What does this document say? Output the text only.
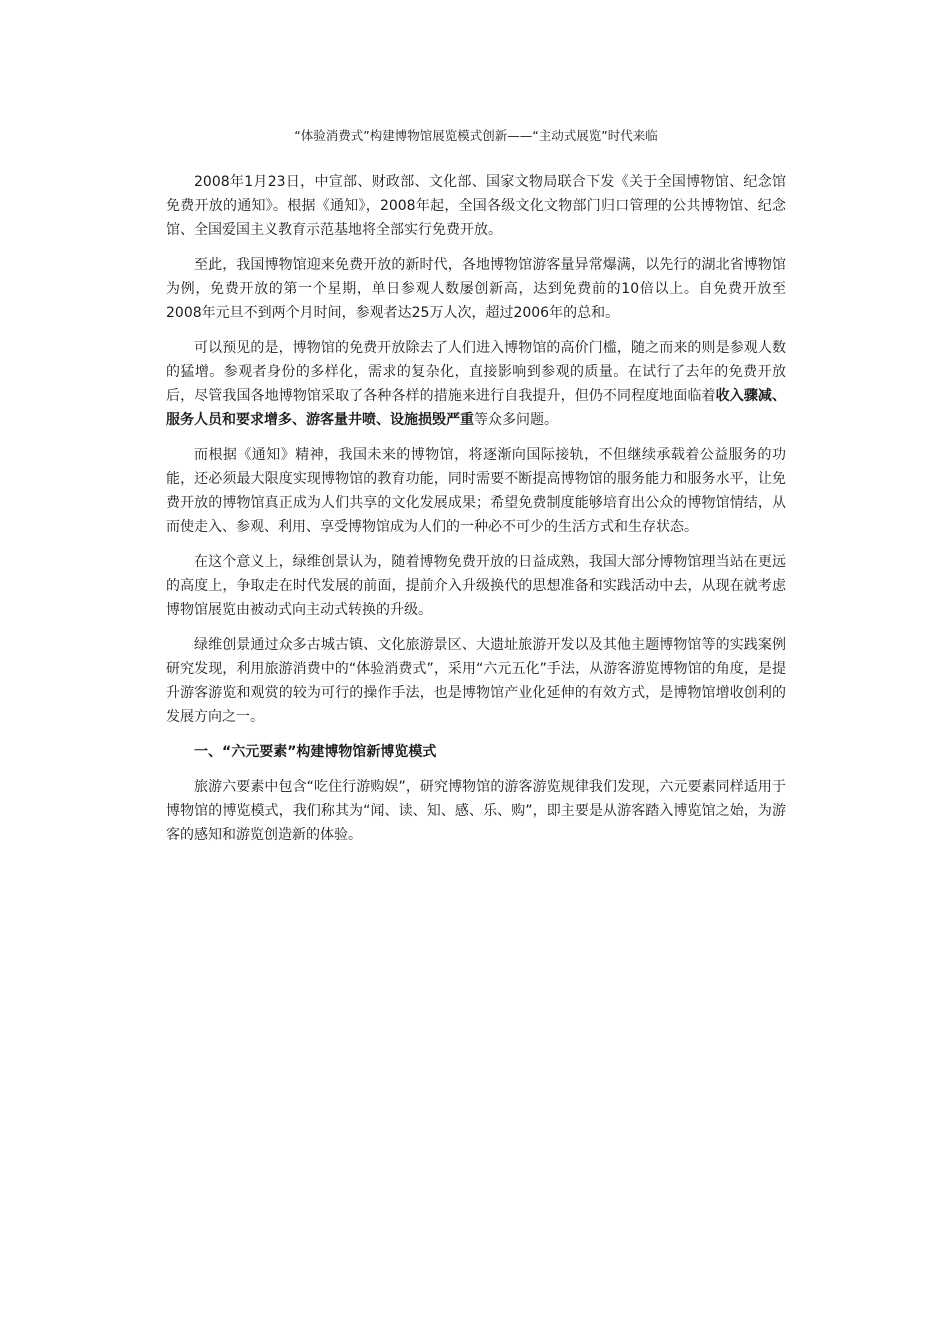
“体验消费式”构建博物馆展览模式创新——“主动式展览”时代来临

2008年1月23日，中宣部、财政部、文化部、国家文物局联合下发《关于全国博物馆、纪念馆免费开放的通知》。根据《通知》，2008年起，全国各级文化文物部门归口管理的公共博物馆、纪念馆、全国爱国主义教育示范基地将全部实行免费开放。

至此，我国博物馆迎来免费开放的新时代，各地博物馆游客量异常爆满，以先行的湖北省博物馆为例，免费开放的第一个星期，单日参观人数屡创新高，达到免费前的10倍以上。自免费开放至2008年元旦不到两个月时间，参观者达25万人次，超过2006年的总和。

可以预见的是，博物馆的免费开放除去了人们进入博物馆的高价门槛，随之而来的则是参观人数的猛增。参观者身份的多样化，需求的复杂化，直接影响到参观的质量。在试行了去年的免费开放后，尽管我国各地博物馆采取了各种各样的措施来进行自我提升，但仍不同程度地面临着收入骤减、服务人员和要求增多、游客量井喷、设施损毁严重等众多问题。

而根据《通知》精神，我国未来的博物馆，将逐渐向国际接轨，不但继续承载着公益服务的功能，还必须最大限度实现博物馆的教育功能，同时需要不断提高博物馆的服务能力和服务水平，让免费开放的博物馆真正成为人们共享的文化发展成果；希望免费制度能够培育出公众的博物馆情结，从而使走入、参观、利用、享受博物馆成为人们的一种必不可少的生活方式和生存状态。

在这个意义上，绿维创景认为，随着博物免费开放的日益成熟，我国大部分博物馆理当站在更远的高度上，争取走在时代发展的前面，提前介入升级换代的思想准备和实践活动中去，从现在就考虑博物馆展览由被动式向主动式转换的升级。

绿维创景通过众多古城古镇、文化旅游景区、大遗址旅游开发以及其他主题博物馆等的实践案例研究发现，利用旅游消费中的“体验消费式”，采用“六元五化”手法，从游客游览博物馆的角度，是提升游客游览和观赏的较为可行的操作手法，也是博物馆产业化延伸的有效方式，是博物馆增收创利的发展方向之一。

一、“六元要素”构建博物馆新博览模式

旅游六要素中包含“吃住行游购娱”，研究博物馆的游客游览规律我们发现，六元要素同样适用于博物馆的博览模式，我们称其为“闻、读、知、感、乐、购”，即主要是从游客踏入博览馆之始，为游客的感知和游览创造新的体验。
